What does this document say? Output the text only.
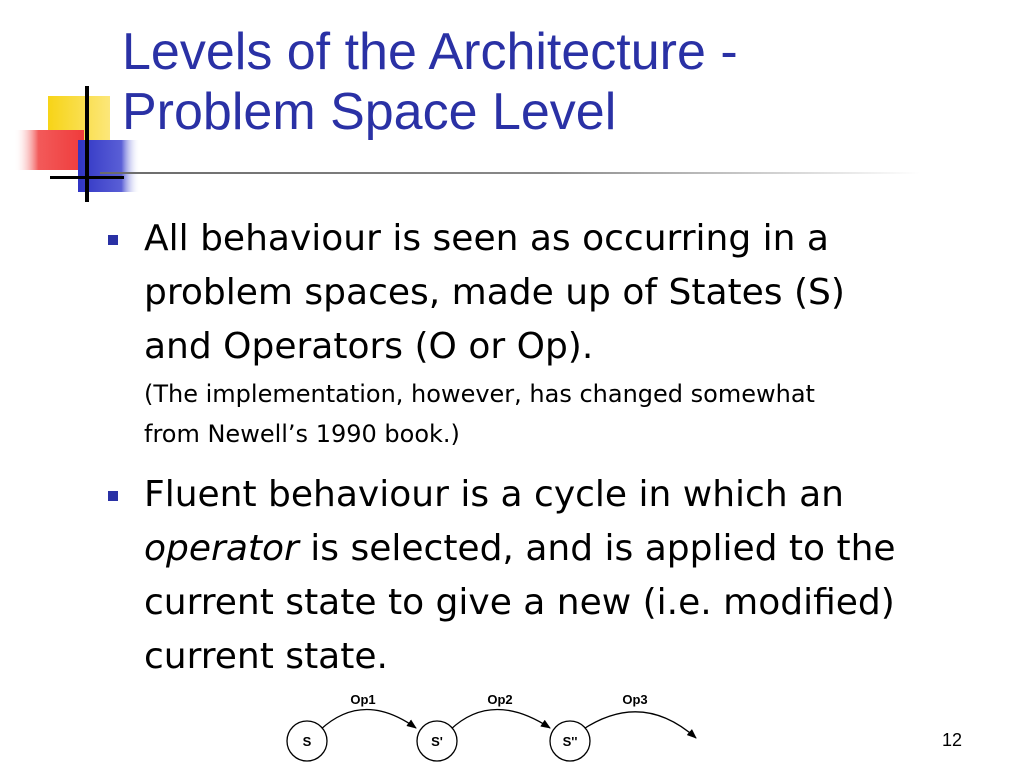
Levels of the Architecture -
Problem Space Level
All behaviour is seen as occurring in a
problem spaces, made up of States (S)
and Operators (O or Op).
(The implementation, however, has changed somewhat
from Newell’s 1990 book.)
Fluent behaviour is a cycle in which an
operator is selected, and is applied to the
current state to give a new (i.e. modified)
current state.
Op1	Op2	Op3
S	S'	S''	12
